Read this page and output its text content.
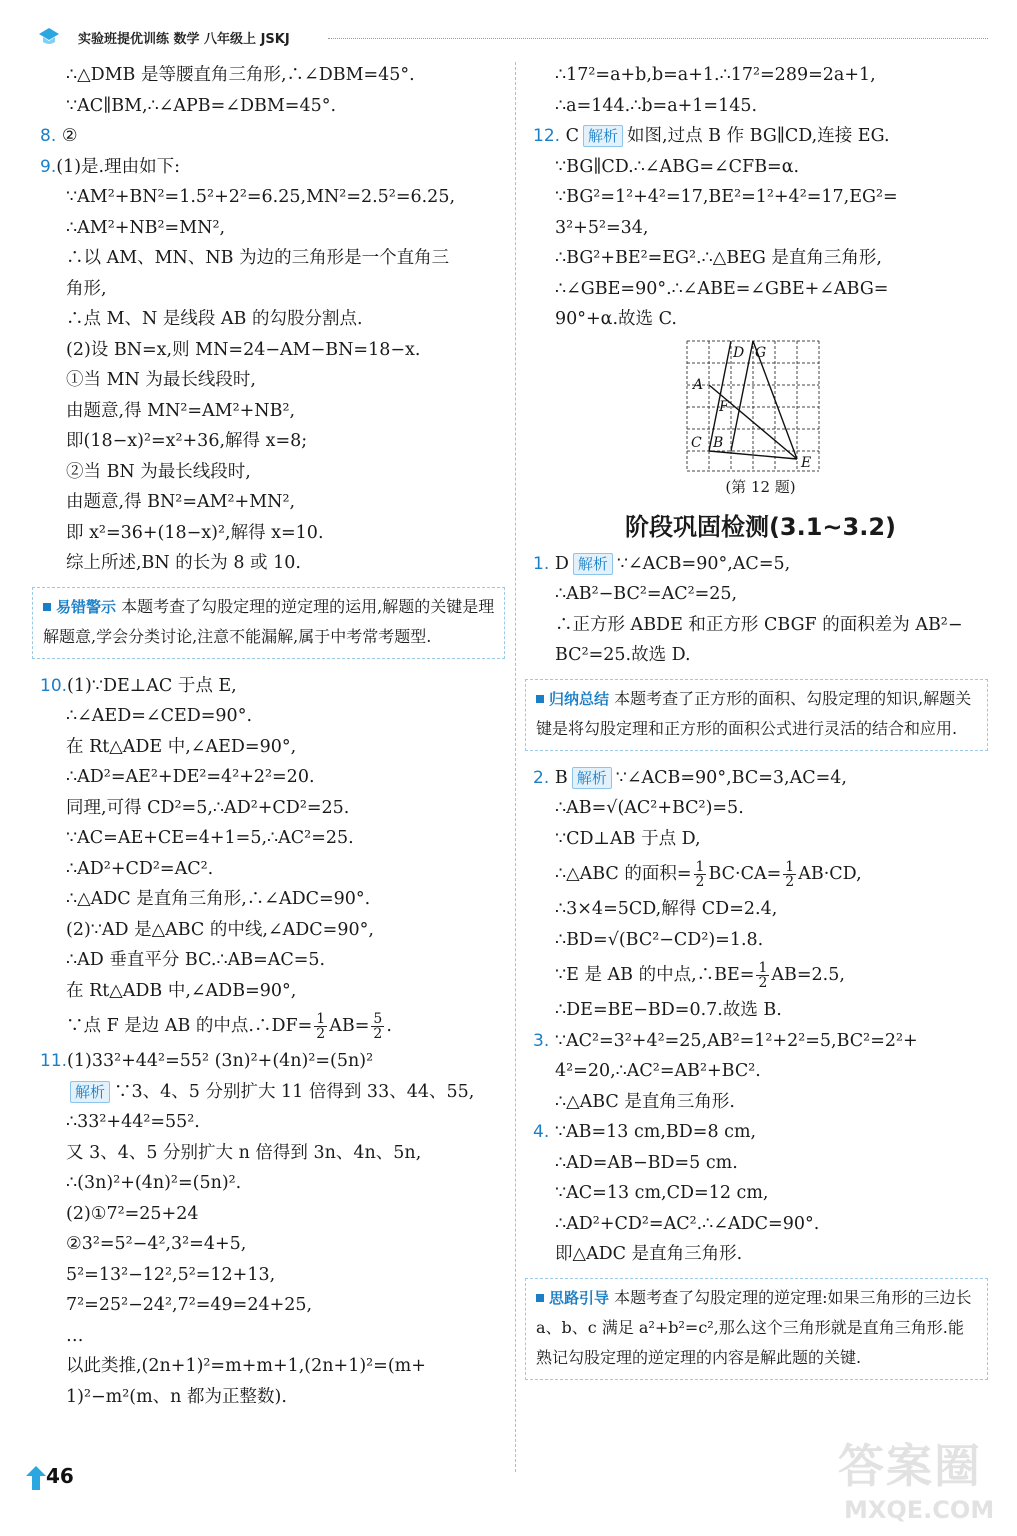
实验班提优训练 数学 八年级上 JSKJ
∴△DMB 是等腰直角三角形,∴∠DBM=45°.
∵AC∥BM,∴∠APB=∠DBM=45°.
8. ②
9.(1)是.理由如下:
∵AM²+BN²=1.5²+2²=6.25,MN²=2.5²=6.25,
∴AM²+NB²=MN²,
∴以 AM、MN、NB 为边的三角形是一个直角三
角形,
∴点 M、N 是线段 AB 的勾股分割点.
(2)设 BN=x,则 MN=24−AM−BN=18−x.
①当 MN 为最长线段时,
由题意,得 MN²=AM²+NB²,
即(18−x)²=x²+36,解得 x=8;
②当 BN 为最长线段时,
由题意,得 BN²=AM²+MN²,
即 x²=36+(18−x)²,解得 x=10.
综上所述,BN 的长为 8 或 10.
易错警示 本题考查了勾股定理的逆定理的运用,解题的关键是理解题意,学会分类讨论,注意不能漏解,属于中考常考题型.
10.(1)∵DE⊥AC 于点 E,
∴∠AED=∠CED=90°.
在 Rt△ADE 中,∠AED=90°,
∴AD²=AE²+DE²=4²+2²=20.
同理,可得 CD²=5,∴AD²+CD²=25.
∵AC=AE+CE=4+1=5,∴AC²=25.
∴AD²+CD²=AC².
∴△ADC 是直角三角形,∴∠ADC=90°.
(2)∵AD 是△ABC 的中线,∠ADC=90°,
∴AD 垂直平分 BC.∴AB=AC=5.
在 Rt△ADB 中,∠ADB=90°,
∵点 F 是边 AB 的中点.∴DF= $\frac{1}{2} AB= \frac{5}{2}$ .
11.(1)33²+44²=55² (3n)²+(4n)²=(5n)²
解析 ∵3、4、5 分别扩大 11 倍得到 33、44、55,
∴33²+44²=55².
又 3、4、5 分别扩大 n 倍得到 3n、4n、5n,
∴(3n)²+(4n)²=(5n)².
(2)①7²=25+24
②3²=5²−4²,3²=4+5,
5²=13²−12²,5²=12+13,
7²=25²−24²,7²=49=24+25,
…
以此类推,(2n+1)²=m+m+1,(2n+1)²=(m+
1)²−m²(m、n 都为正整数).
∴17²=a+b,b=a+1.∴17²=289=2a+1,
∴a=144.∴b=a+1=145.
12. C 解析 如图,过点 B 作 BG∥CD,连接 EG.
∵BG∥CD.∴∠ABG=∠CFB=α.
∵BG²=1²+4²=17,BE²=1²+4²=17,EG²=
3²+5²=34,
∴BG²+BE²=EG².∴△BEG 是直角三角形,
∴∠GBE=90°.∴∠ABE=∠GBE+∠ABG=
90°+α.故选 C.
D G
A
F
C B
E
(第 12 题)
阶段巩固检测(3.1~3.2)
1. D 解析 ∵∠ACB=90°,AC=5,
∴AB²−BC²=AC²=25,
∴正方形 ABDE 和正方形 CBGF 的面积差为 AB²−
BC²=25.故选 D.
归纳总结 本题考查了正方形的面积、勾股定理的知识,解题关键是将勾股定理和正方形的面积公式进行灵活的结合和应用.
2. B 解析 ∵∠ACB=90°,BC=3,AC=4,
∴AB=√(AC²+BC²)=5.
∵CD⊥AB 于点 D,
∴△ABC 的面积= $\frac{1}{2} BC\cdot CA= \frac{1}{2} AB\cdot CD$,
∴3×4=5CD,解得 CD=2.4,
∴BD=√(BC²−CD²)=1.8.
∵E 是 AB 的中点,∴BE= $\frac{1}{2} AB=2.5$,
∴DE=BE−BD=0.7.故选 B.
3. ∵AC²=3²+4²=25,AB²=1²+2²=5,BC²=2²+
4²=20,∴AC²=AB²+BC².
∴△ABC 是直角三角形.
4. ∵AB=13 cm,BD=8 cm,
∴AD=AB−BD=5 cm.
∵AC=13 cm,CD=12 cm,
∴AD²+CD²=AC².∴∠ADC=90°.
即△ADC 是直角三角形.
思路引导 本题考查了勾股定理的逆定理:如果三角形的三边长 a、b、c 满足 a²+b²=c²,那么这个三角形就是直角三角形.能熟记勾股定理的逆定理的内容是解此题的关键.
46	答案圈
MXQE.COM
